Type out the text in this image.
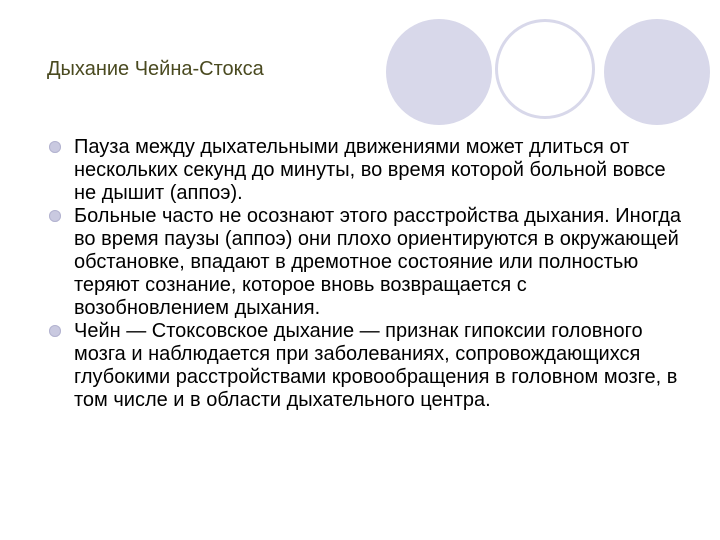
Дыхание Чейна-Стокса
Пауза между дыхательными движениями может длиться от нескольких секунд до минуты, во время которой больной вовсе не дышит (аппоэ).
Больные часто не осознают этого расстройства дыхания. Иногда во время паузы (аппоэ) они плохо ориентируются в окружающей обстановке, впадают в дремотное состояние или полностью теряют сознание, которое вновь возвращается с возобновлением дыхания.
Чейн — Стоксовское дыхание — признак гипоксии головного мозга и наблюдается при заболеваниях, сопровождающихся глубокими расстройствами кровообращения в головном мозге, в том числе и в области дыхательного центра.
